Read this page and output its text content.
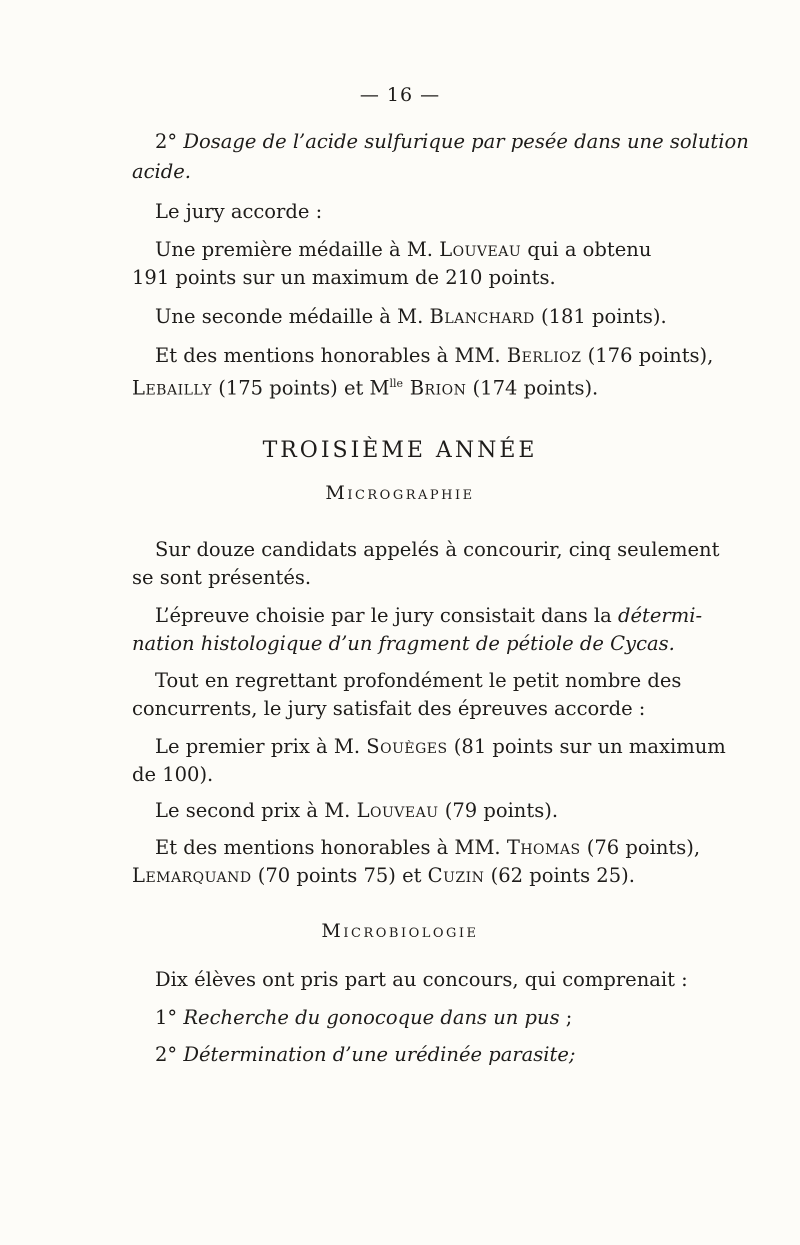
— 16 —
2° Dosage de l’acide sulfurique par pesée dans une solution
acide.
Le jury accorde :
Une première médaille à M. Louveau qui a obtenu
191 points sur un maximum de 210 points.
Une seconde médaille à M. Blanchard (181 points).
Et des mentions honorables à MM. Berlioz (176 points),
Lebailly (175 points) et $M^{lle}$ Brion (174 points).
TROISIÈME ANNÉE
Micrographie
Sur douze candidats appelés à concourir, cinq seulement
se sont présentés.
L’épreuve choisie par le jury consistait dans la détermi-
nation histologique d’un fragment de pétiole de Cycas.
Tout en regrettant profondément le petit nombre des
concurrents, le jury satisfait des épreuves accorde :
Le premier prix à M. Souèges (81 points sur un maximum
de 100).
Le second prix à M. Louveau (79 points).
Et des mentions honorables à MM. Thomas (76 points),
Lemarquand (70 points 75) et Cuzin (62 points 25).
Microbiologie
Dix élèves ont pris part au concours, qui comprenait :
1° Recherche du gonocoque dans un pus ;
2° Détermination d’une urédinée parasite;
